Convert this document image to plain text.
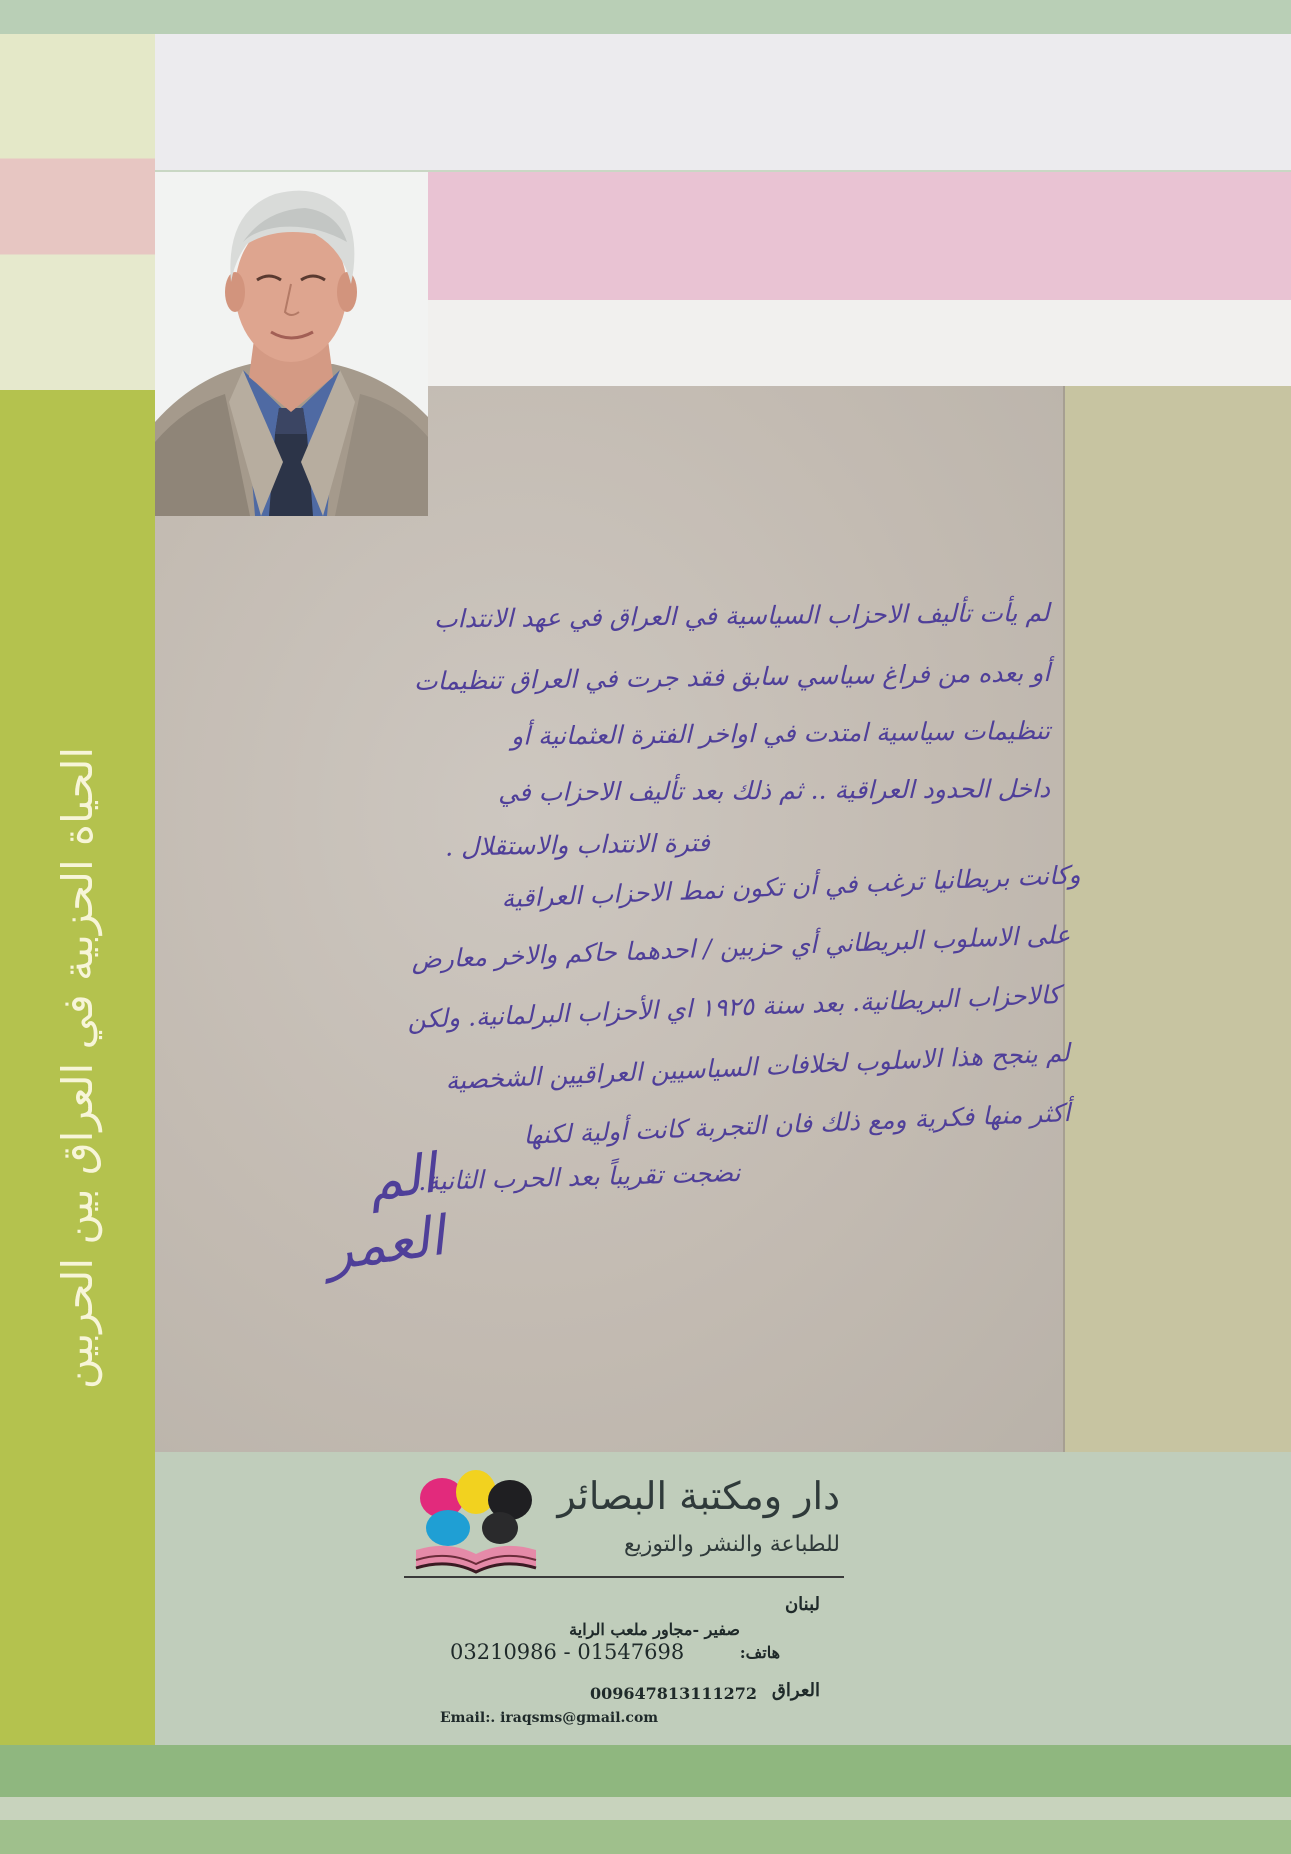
الحياة الحزبية في العراق بين الحربين
لم يأت تأليف الاحزاب السياسية في العراق في عهد الانتداب
أو بعده من فراغ سياسي سابق فقد جرت في العراق تنظيمات
تنظيمات سياسية امتدت في اواخر الفترة العثمانية أو
داخل الحدود العراقية .. ثم ذلك بعد تأليف الاحزاب في
فترة الانتداب والاستقلال .
وكانت بريطانيا ترغب في أن تكون نمط الاحزاب العراقية
على الاسلوب البريطاني أي حزبين / احدهما حاكم والاخر معارض
كالاحزاب البريطانية. بعد سنة ١٩٢٥ اي الأحزاب البرلمانية. ولكن
لم ينجح هذا الاسلوب لخلافات السياسيين العراقيين الشخصية
أكثر منها فكرية ومع ذلك فان التجربة كانت أولية لكنها
نضجت تقريباً بعد الحرب الثانية.
الم العمر
دار ومكتبة البصائر
للطباعة والنشر والتوزيع
لبنان
صفير -مجاور ملعب الراية
هاتف:
03210986 - 01547698
العراق
009647813111272
Email:. iraqsms@gmail.com
